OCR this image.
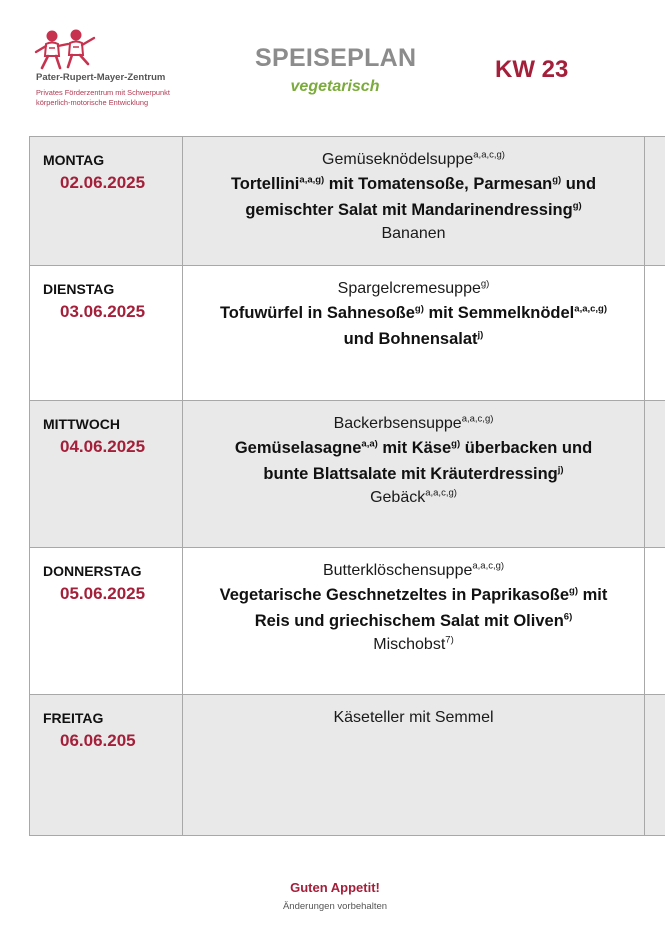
Pater-Rupert-Mayer-Zentrum
Privates Förderzentrum mit Schwerpunkt
körperlich-motorische Entwicklung
SPEISEPLAN
vegetarisch
KW 23
MONTAG
02.06.2025
Gemüseknödelsuppe$^{a,a,c,g)}$
Tortellini$^{a,a,g)}$ mit Tomatensoße, Parmesan$^{g)}$ und
gemischter Salat mit Mandarinendressing$^{g)}$
Bananen
DIENSTAG
03.06.2025
Spargelcremesuppe$^{g)}$
Tofuwürfel in Sahnesoße$^{g)}$ mit Semmelknödel$^{a,a,c,g)}$
und Bohnensalat$^{j)}$
MITTWOCH
04.06.2025
Backerbsensuppe$^{a,a,c,g)}$
Gemüselasagne$^{a,a)}$ mit Käse$^{g)}$ überbacken und
bunte Blattsalate mit Kräuterdressing$^{j)}$
Gebäck$^{a,a,c,g)}$
DONNERSTAG
05.06.2025
Butterklöschensuppe$^{a,a,c,g)}$
Vegetarische Geschnetzeltes in Paprikasoße$^{g)}$ mit
Reis und griechischem Salat mit Oliven$^{6)}$
Mischobst$^{7)}$
FREITAG
06.06.205
Käseteller mit Semmel
Guten Appetit!
Änderungen vorbehalten
